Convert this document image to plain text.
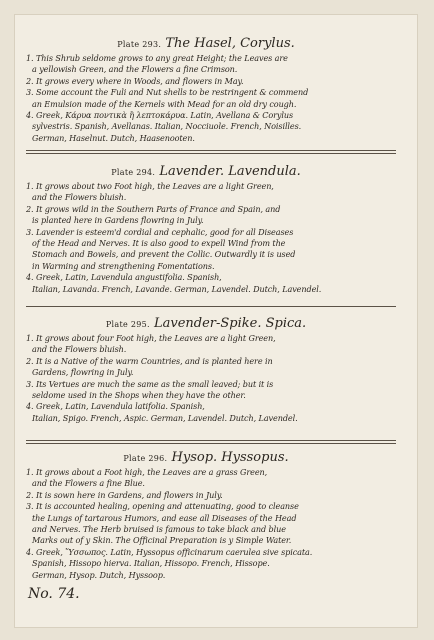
Plate 293. The Hasel, Corylus.
1. This Shrub seldome grows to any great Height; the Leaves are
a yellowish Green, and the Flowers a fine Crimson.
2. It grows every where in Woods, and flowers in May.
3. Some account the Fuli and Nut shells to be restringent & commend
an Emulsion made of the Kernels with Mead for an old dry cough.
4. Greek, Κάρυα ποντικὰ ἢ λεπτοκάρυα. Latin, Avellana & Corylus
sylvestris. Spanish, Avellanas. Italian, Nocciuole. French, Noisilles.
German, Haselnut. Dutch, Haasenooten.
Plate 294. Lavender. Lavendula.
1. It grows about two Foot high, the Leaves are a light Green,
and the Flowers bluish.
2. It grows wild in the Southern Parts of France and Spain, and
is planted here in Gardens flowring in July.
3. Lavender is esteem'd cordial and cephalic, good for all Diseases
of the Head and Nerves. It is also good to expell Wind from the
Stomach and Bowels, and prevent the Collic. Outwardly it is used
in Warming and strengthening Fomentations.
4. Greek, Latin, Lavendula angustifolia. Spanish,
Italian, Lavanda. French, Lavande. German, Lavendel. Dutch, Lavendel.
Plate 295. Lavender-Spike. Spica.
1. It grows about four Foot high, the Leaves are a light Green,
and the Flowers bluish.
2. It is a Native of the warm Countries, and is planted here in
Gardens, flowring in July.
3. Its Vertues are much the same as the small leaved; but it is
seldome used in the Shops when they have the other.
4. Greek, Latin, Lavendula latifolia. Spanish,
Italian, Spigo. French, Aspic. German, Lavendel. Dutch, Lavendel.
Plate 296. Hysop. Hyssopus.
1. It grows about a Foot high, the Leaves are a grass Green,
and the Flowers a fine Blue.
2. It is sown here in Gardens, and flowers in July.
3. It is accounted healing, opening and attenuating, good to cleanse
the Lungs of tartarous Humors, and ease all Diseases of the Head
and Nerves. The Herb bruised is famous to take black and blue
Marks out of y Skin. The Officinal Preparation is y Simple Water.
4. Greek, Ὕσσωπος. Latin, Hyssopus officinarum caerulea sive spicata.
Spanish, Hissopo hierva. Italian, Hissopo. French, Hissope.
German, Hysop. Dutch, Hyssoop.
No. 74.
